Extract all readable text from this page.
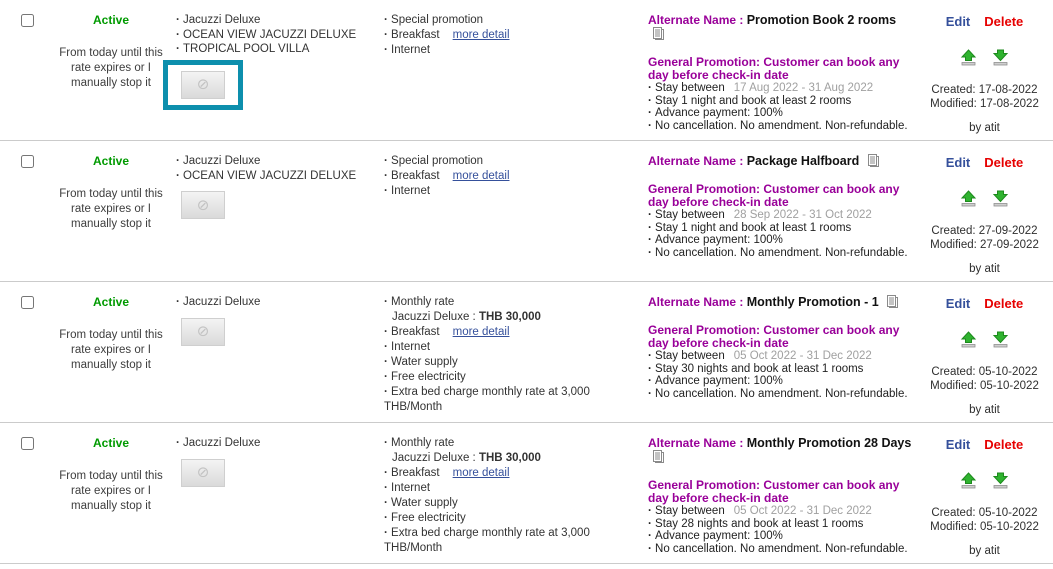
Active
From today until this rate expires or I manually stop it
· Jacuzzi Deluxe
· OCEAN VIEW JACUZZI DELUXE
· TROPICAL POOL VILLA
⊘
· Special promotion
· Breakfast more detail
· Internet
Alternate Name : Promotion Book 2 rooms
General Promotion: Customer can book any day before check-in date
· Stay between 17 Aug 2022 - 31 Aug 2022
· Stay 1 night and book at least 2 rooms
· Advance payment: 100%
· No cancellation. No amendment. Non-refundable.
Edit Delete

Created: 17-08-2022
Modified: 17-08-2022
by atit
Active
From today until this rate expires or I manually stop it
· Jacuzzi Deluxe
· OCEAN VIEW JACUZZI DELUXE
⊘
· Special promotion
· Breakfast more detail
· Internet
Alternate Name : Package Halfboard
General Promotion: Customer can book any day before check-in date
· Stay between 28 Sep 2022 - 31 Oct 2022
· Stay 1 night and book at least 1 rooms
· Advance payment: 100%
· No cancellation. No amendment. Non-refundable.
Edit Delete

Created: 27-09-2022
Modified: 27-09-2022
by atit
Active
From today until this rate expires or I manually stop it
· Jacuzzi Deluxe
⊘
· Monthly rate
Jacuzzi Deluxe : THB 30,000
· Breakfast more detail
· Internet
· Water supply
· Free electricity
· Extra bed charge monthly rate at 3,000 THB/Month
Alternate Name : Monthly Promotion - 1
General Promotion: Customer can book any day before check-in date
· Stay between 05 Oct 2022 - 31 Dec 2022
· Stay 30 nights and book at least 1 rooms
· Advance payment: 100%
· No cancellation. No amendment. Non-refundable.
Edit Delete

Created: 05-10-2022
Modified: 05-10-2022
by atit
Active
From today until this rate expires or I manually stop it
· Jacuzzi Deluxe
⊘
· Monthly rate
Jacuzzi Deluxe : THB 30,000
· Breakfast more detail
· Internet
· Water supply
· Free electricity
· Extra bed charge monthly rate at 3,000 THB/Month
Alternate Name : Monthly Promotion 28 Days
General Promotion: Customer can book any day before check-in date
· Stay between 05 Oct 2022 - 31 Dec 2022
· Stay 28 nights and book at least 1 rooms
· Advance payment: 100%
· No cancellation. No amendment. Non-refundable.
Edit Delete

Created: 05-10-2022
Modified: 05-10-2022
by atit
